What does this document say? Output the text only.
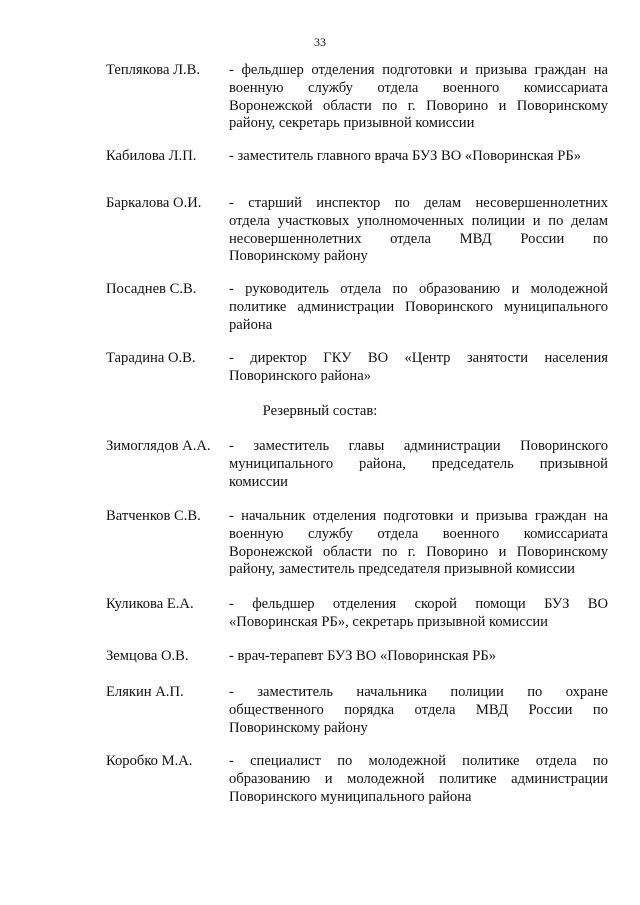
33
Теплякова Л.В. - фельдшер отделения подготовки и призыва граждан на
военную службу отдела военного комиссариата
Воронежской области по г. Поворино и Поворинскому
району, секретарь призывной комиссии
Кабилова Л.П. - заместитель главного врача БУЗ ВО «Поворинская РБ»
Баркалова О.И. - старший инспектор по делам несовершеннолетних
отдела участковых уполномоченных полиции и по делам
несовершеннолетних отдела МВД России по
Поворинскому району
Посаднев С.В. - руководитель отдела по образованию и молодежной
политике администрации Поворинского муниципального
района
Тарадина О.В. - директор ГКУ ВО «Центр занятости населения
Поворинского района»
Резервный состав:
Зимоглядов А.А. - заместитель главы администрации Поворинского
муниципального района, председатель призывной
комиссии
Ватченков С.В. - начальник отделения подготовки и призыва граждан на
военную службу отдела военного комиссариата
Воронежской области по г. Поворино и Поворинскому
району, заместитель председателя призывной комиссии
Куликова Е.А. - фельдшер отделения скорой помощи БУЗ ВО
«Поворинская РБ», секретарь призывной комиссии
Земцова О.В.	- врач-терапевт БУЗ ВО «Поворинская РБ»
Елякин А.П.	- заместитель начальника полиции по охране
общественного порядка отдела МВД России по
Поворинскому району
Коробко М.А.	- специалист по молодежной политике отдела по
образованию и молодежной политике администрации
Поворинского муниципального района
